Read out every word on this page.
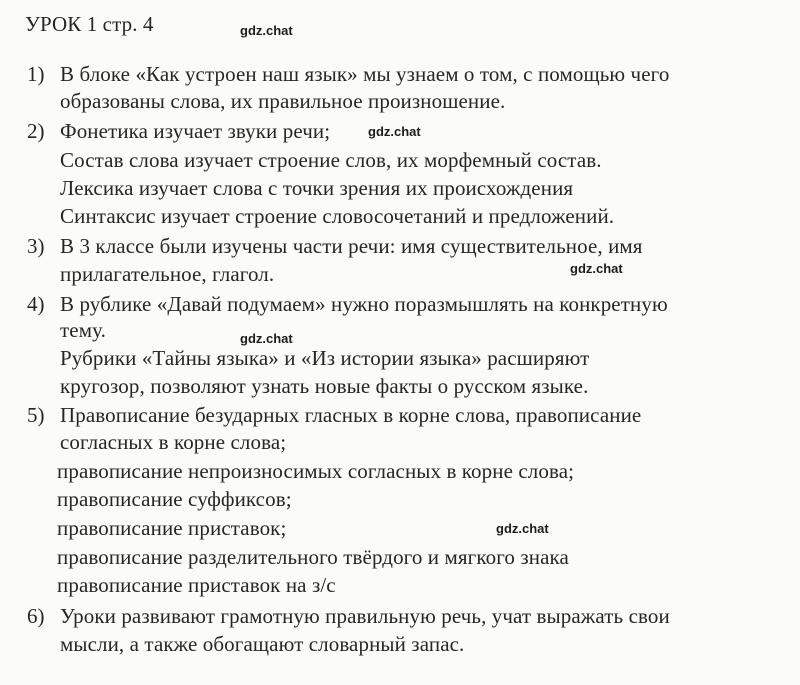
УРОК 1 стр. 4	gdz.chat
gdz.chat
gdz.chat
gdz.chat
gdz.chat
1) В блоке «Как устроен наш язык» мы узнаем о том, с помощью чего
образованы слова, их правильное произношение.
2) Фонетика изучает звуки речи;
Состав слова изучает строение слов, их морфемный состав.
Лексика изучает слова с точки зрения их происхождения
Синтаксис изучает строение словосочетаний и предложений.
3) В 3 классе были изучены части речи: имя существительное, имя
прилагательное, глагол.
4) В рублике «Давай подумаем» нужно поразмышлять на конкретную
тему.
Рубрики «Тайны языка» и «Из истории языка» расширяют
кругозор, позволяют узнать новые факты о русском языке.
5) Правописание безударных гласных в корне слова, правописание
согласных в корне слова;
правописание непроизносимых согласных в корне слова;
правописание суффиксов;
правописание приставок;
правописание разделительного твёрдого и мягкого знака
правописание приставок на з/с
6) Уроки развивают грамотную правильную речь, учат выражать свои
мысли, а также обогащают словарный запас.
